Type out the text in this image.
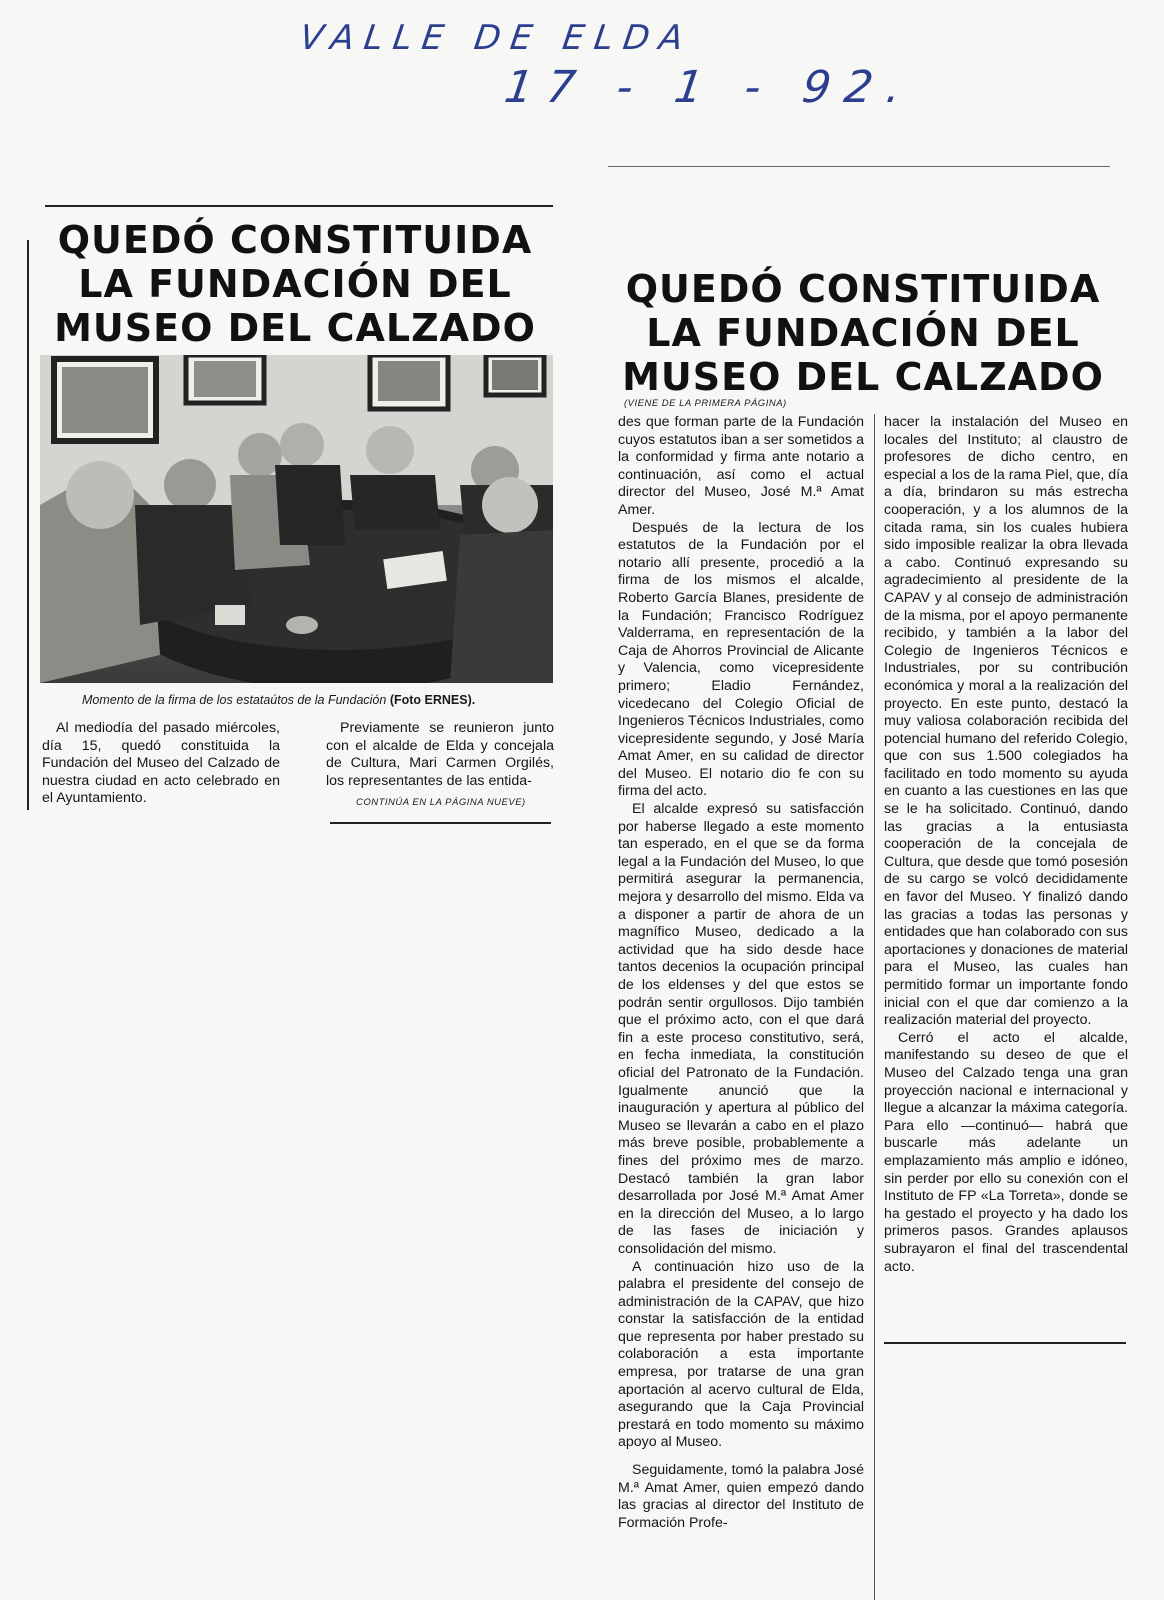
VALLE DE ELDA
17 - 1 - 92.
QUEDÓ CONSTITUIDA LA FUNDACIÓN DEL MUSEO DEL CALZADO

Momento de la firma de los estataútos de la Fundación (Foto ERNES).

Al mediodía del pasado miércoles, día 15, quedó constituida la Fundación del Museo del Calzado de nuestra ciudad en acto celebrado en el Ayuntamiento.

Previamente se reunieron junto con el alcalde de Elda y concejala de Cultura, Mari Carmen Orgilés, los representantes de las entida-

CONTINÚA EN LA PÁGINA NUEVE)

QUEDÓ CONSTITUIDA LA FUNDACIÓN DEL MUSEO DEL CALZADO

(VIENE DE LA PRIMERA PÁGINA)

des que forman parte de la Fundación cuyos estatutos iban a ser sometidos a la conformidad y firma ante notario a continuación, así como el actual director del Museo, José M.ª Amat Amer.

Después de la lectura de los estatutos de la Fundación por el notario allí presente, procedió a la firma de los mismos el alcalde, Roberto García Blanes, presidente de la Fundación; Francisco Rodríguez Valderrama, en representación de la Caja de Ahorros Provincial de Alicante y Valencia, como vicepresidente primero; Eladio Fernández, vicedecano del Colegio Oficial de Ingenieros Técnicos Industriales, como vicepresidente segundo, y José María Amat Amer, en su calidad de director del Museo. El notario dio fe con su firma del acto.

El alcalde expresó su satisfacción por haberse llegado a este momento tan esperado, en el que se da forma legal a la Fundación del Museo, lo que permitirá asegurar la permanencia, mejora y desarrollo del mismo. Elda va a disponer a partir de ahora de un magnífico Museo, dedicado a la actividad que ha sido desde hace tantos decenios la ocupación principal de los eldenses y del que estos se podrán sentir orgullosos. Dijo también que el próximo acto, con el que dará fin a este proceso constitutivo, será, en fecha inmediata, la constitución oficial del Patronato de la Fundación. Igualmente anunció que la inauguración y apertura al público del Museo se llevarán a cabo en el plazo más breve posible, probablemente a fines del próximo mes de marzo. Destacó también la gran labor desarrollada por José M.ª Amat Amer en la dirección del Museo, a lo largo de las fases de iniciación y consolidación del mismo.

A continuación hizo uso de la palabra el presidente del consejo de administración de la CAPAV, que hizo constar la satisfacción de la entidad que representa por haber prestado su colaboración a esta importante empresa, por tratarse de una gran aportación al acervo cultural de Elda, asegurando que la Caja Provincial prestará en todo momento su máximo apoyo al Museo.

Seguidamente, tomó la palabra José M.ª Amat Amer, quien empezó dando las gracias al director del Instituto de Formación Profe-

hacer la instalación del Museo en locales del Instituto; al claustro de profesores de dicho centro, en especial a los de la rama Piel, que, día a día, brindaron su más estrecha cooperación, y a los alumnos de la citada rama, sin los cuales hubiera sido imposible realizar la obra llevada a cabo. Continuó expresando su agradecimiento al presidente de la CAPAV y al consejo de administración de la misma, por el apoyo permanente recibido, y también a la labor del Colegio de Ingenieros Técnicos e Industriales, por su contribución económica y moral a la realización del proyecto. En este punto, destacó la muy valiosa colaboración recibida del potencial humano del referido Colegio, que con sus 1.500 colegiados ha facilitado en todo momento su ayuda en cuanto a las cuestiones en las que se le ha solicitado. Continuó, dando las gracias a la entusiasta cooperación de la concejala de Cultura, que desde que tomó posesión de su cargo se volcó decididamente en favor del Museo. Y finalizó dando las gracias a todas las personas y entidades que han colaborado con sus aportaciones y donaciones de material para el Museo, las cuales han permitido formar un importante fondo inicial con el que dar comienzo a la realización material del proyecto.

Cerró el acto el alcalde, manifestando su deseo de que el Museo del Calzado tenga una gran proyección nacional e internacional y llegue a alcanzar la máxima categoría. Para ello —continuó— habrá que buscarle más adelante un emplazamiento más amplio e idóneo, sin perder por ello su conexión con el Instituto de FP «La Torreta», donde se ha gestado el proyecto y ha dado los primeros pasos. Grandes aplausos subrayaron el final del trascendental acto.
